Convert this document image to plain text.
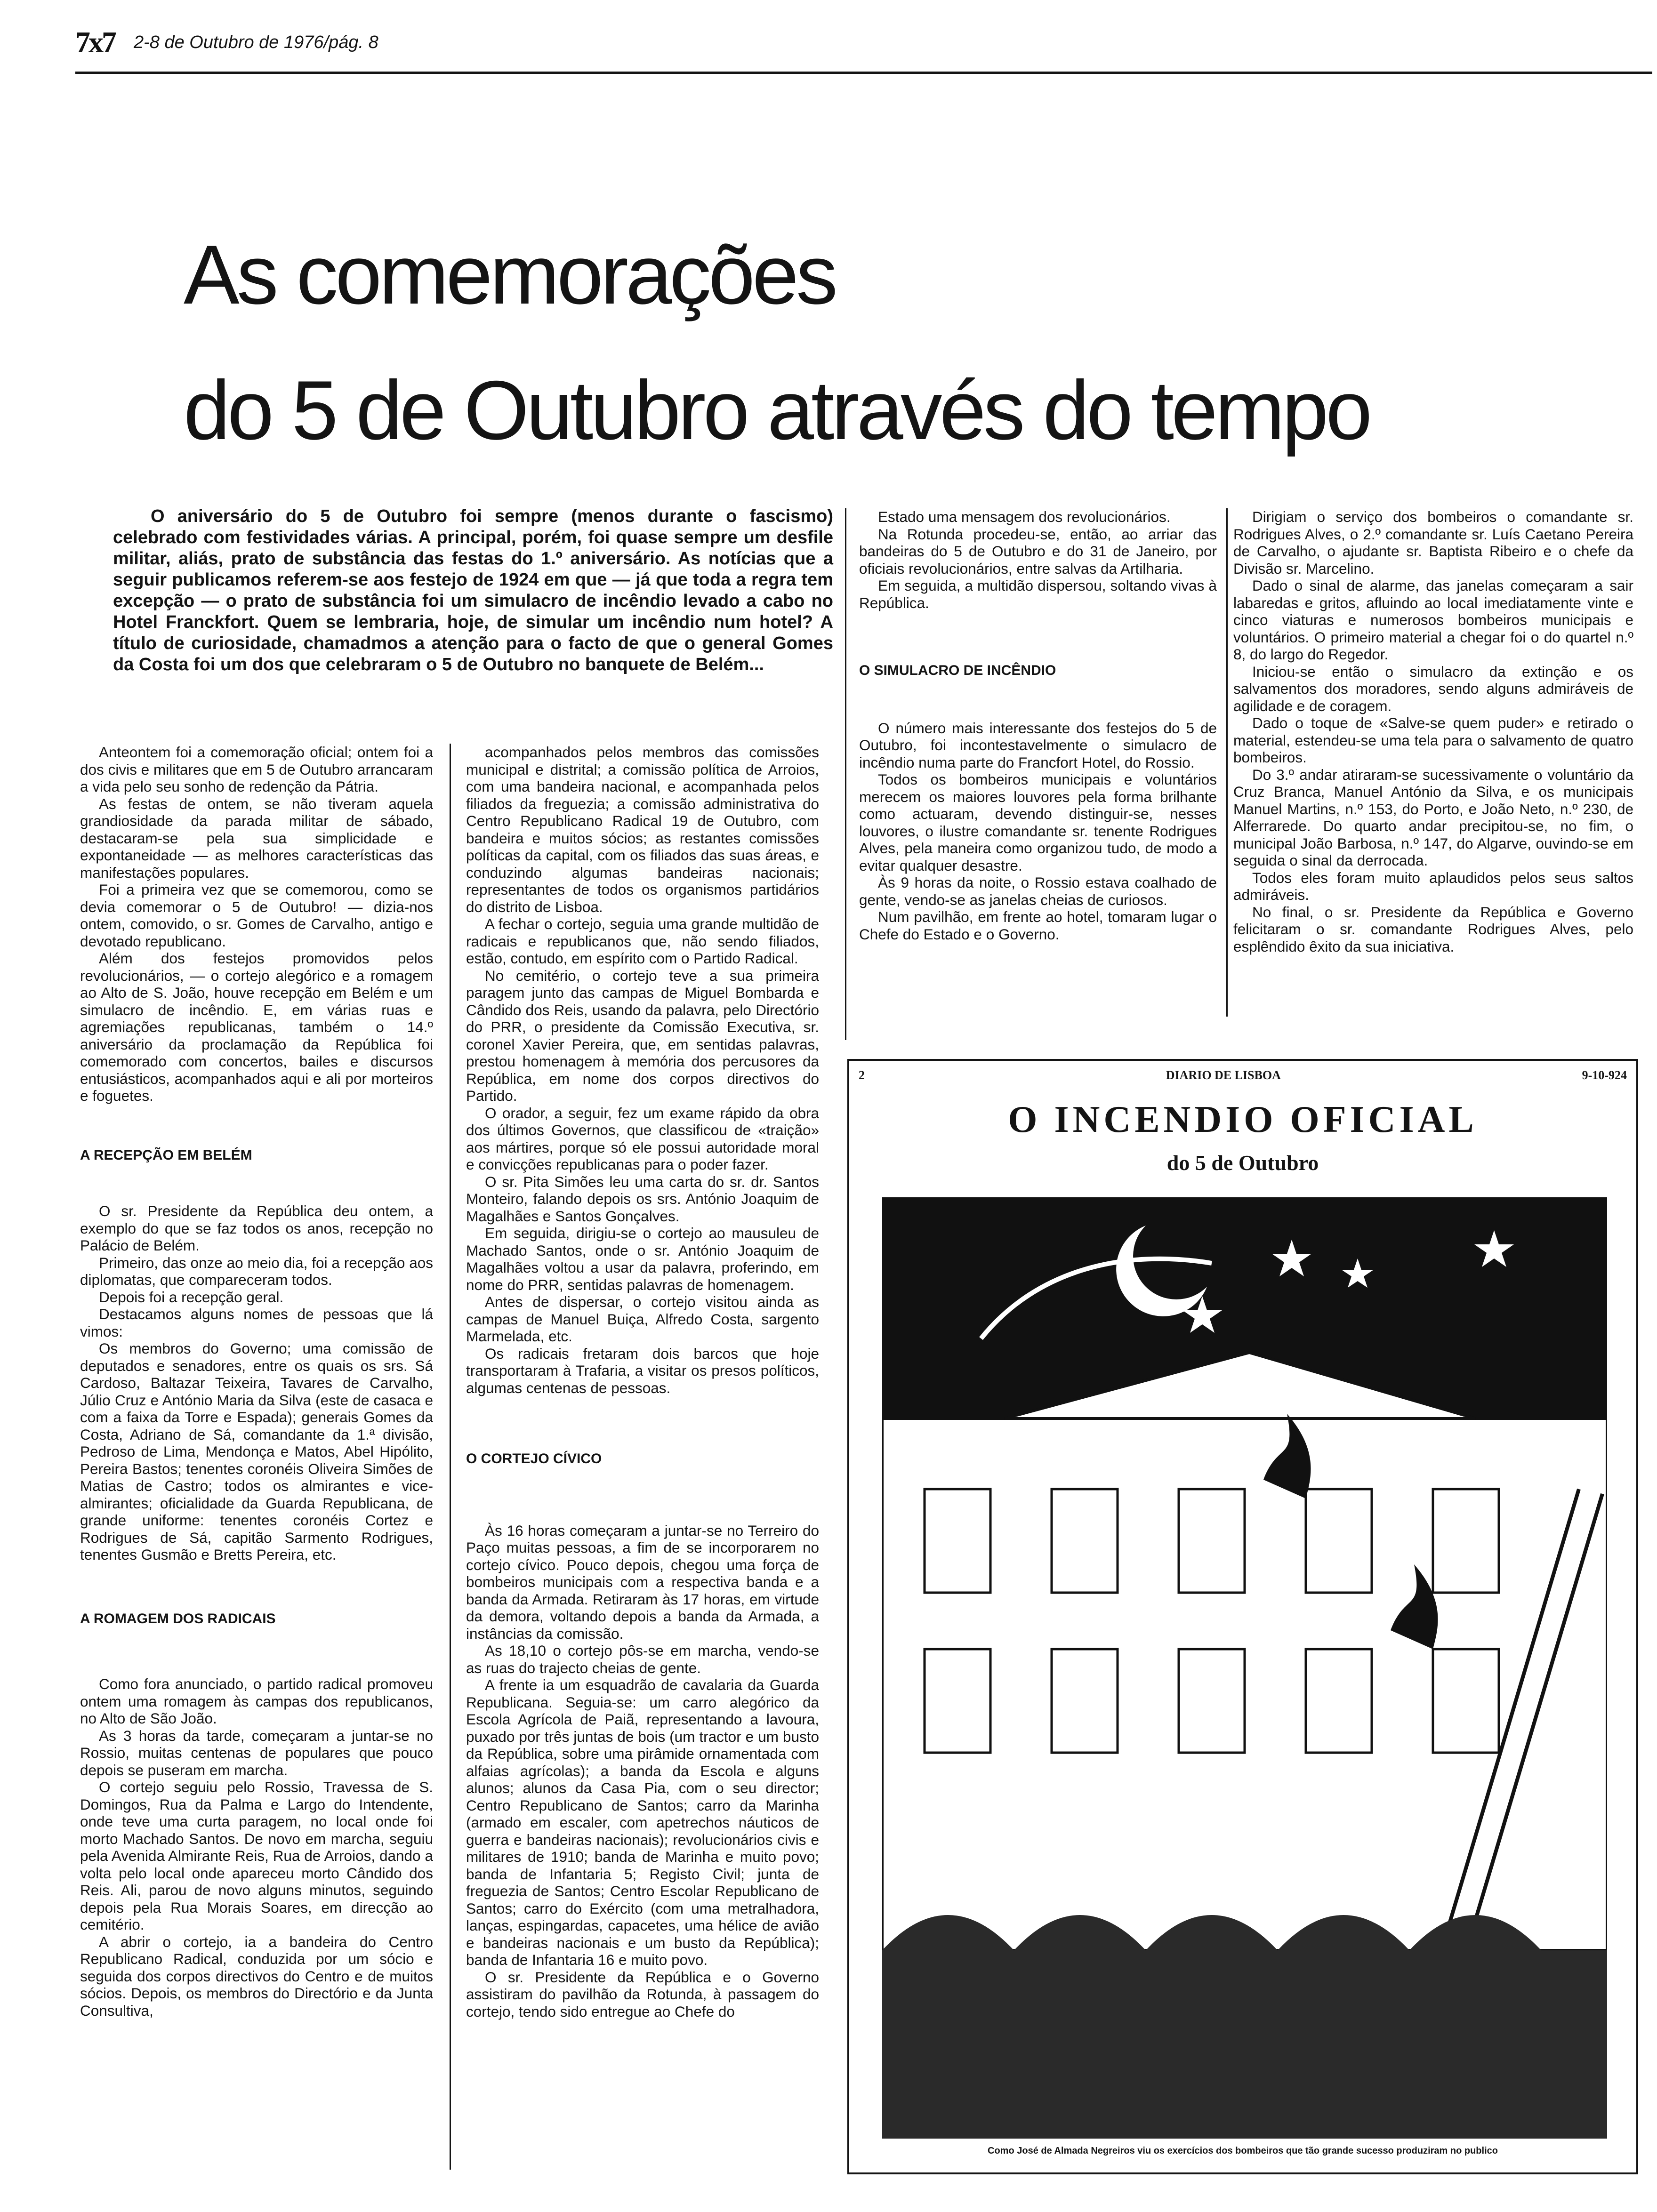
7x7 2-8 de Outubro de 1976/pág. 8
As comemorações
do 5 de Outubro através do tempo

O aniversário do 5 de Outubro foi sempre (menos durante o fascismo) celebrado com festividades várias. A principal, porém, foi quase sempre um desfile militar, aliás, prato de substância das festas do 1.º aniversário. As notícias que a seguir publicamos referem-se aos festejo de 1924 em que — já que toda a regra tem excepção — o prato de substância foi um simulacro de incêndio levado a cabo no Hotel Franckfort. Quem se lembraria, hoje, de simular um incêndio num hotel? A título de curiosidade, chamadmos a atenção para o facto de que o general Gomes da Costa foi um dos que celebraram o 5 de Outubro no banquete de Belém...

Anteontem foi a comemoração oficial; ontem foi a dos civis e militares que em 5 de Outubro arrancaram a vida pelo seu sonho de redenção da Pátria.

As festas de ontem, se não tiveram aquela grandiosidade da parada militar de sábado, destacaram-se pela sua simplicidade e expontaneidade — as melhores características das manifestações populares.

Foi a primeira vez que se comemorou, como se devia comemorar o 5 de Outubro! — dizia-nos ontem, comovido, o sr. Gomes de Carvalho, antigo e devotado republicano.

Além dos festejos promovidos pelos revolucionários, — o cortejo alegórico e a romagem ao Alto de S. João, houve recepção em Belém e um simulacro de incêndio. E, em várias ruas e agremiações republicanas, também o 14.º aniversário da proclamação da República foi comemorado com concertos, bailes e discursos entusiásticos, acompanhados aqui e ali por morteiros e foguetes.

A RECEPÇÃO EM BELÉM

O sr. Presidente da República deu ontem, a exemplo do que se faz todos os anos, recepção no Palácio de Belém.

Primeiro, das onze ao meio dia, foi a recepção aos diplomatas, que compareceram todos.

Depois foi a recepção geral.

Destacamos alguns nomes de pessoas que lá vimos:

Os membros do Governo; uma comissão de deputados e senadores, entre os quais os srs. Sá Cardoso, Baltazar Teixeira, Tavares de Carvalho, Júlio Cruz e António Maria da Silva (este de casaca e com a faixa da Torre e Espada); generais Gomes da Costa, Adriano de Sá, comandante da 1.ª divisão, Pedroso de Lima, Mendonça e Matos, Abel Hipólito, Pereira Bastos; tenentes coronéis Oliveira Simões de Matias de Castro; todos os almirantes e vice-almirantes; oficialidade da Guarda Republicana, de grande uniforme: tenentes coronéis Cortez e Rodrigues de Sá, capitão Sarmento Rodrigues, tenentes Gusmão e Bretts Pereira, etc.

A ROMAGEM DOS RADICAIS

Como fora anunciado, o partido radical promoveu ontem uma romagem às campas dos republicanos, no Alto de São João.

As 3 horas da tarde, começaram a juntar-se no Rossio, muitas centenas de populares que pouco depois se puseram em marcha.

O cortejo seguiu pelo Rossio, Travessa de S. Domingos, Rua da Palma e Largo do Intendente, onde teve uma curta paragem, no local onde foi morto Machado Santos. De novo em marcha, seguiu pela Avenida Almirante Reis, Rua de Arroios, dando a volta pelo local onde apareceu morto Cândido dos Reis. Ali, parou de novo alguns minutos, seguindo depois pela Rua Morais Soares, em direcção ao cemitério.

A abrir o cortejo, ia a bandeira do Centro Republicano Radical, conduzida por um sócio e seguida dos corpos directivos do Centro e de muitos sócios. Depois, os membros do Directório e da Junta Consultiva,

acompanhados pelos membros das comissões municipal e distrital; a comissão política de Arroios, com uma bandeira nacional, e acompanhada pelos filiados da freguezia; a comissão administrativa do Centro Republicano Radical 19 de Outubro, com bandeira e muitos sócios; as restantes comissões políticas da capital, com os filiados das suas áreas, e conduzindo algumas bandeiras nacionais; representantes de todos os organismos partidários do distrito de Lisboa.

A fechar o cortejo, seguia uma grande multidão de radicais e republicanos que, não sendo filiados, estão, contudo, em espírito com o Partido Radical.

No cemitério, o cortejo teve a sua primeira paragem junto das campas de Miguel Bombarda e Cândido dos Reis, usando da palavra, pelo Directório do PRR, o presidente da Comissão Executiva, sr. coronel Xavier Pereira, que, em sentidas palavras, prestou homenagem à memória dos percusores da República, em nome dos corpos directivos do Partido.

O orador, a seguir, fez um exame rápido da obra dos últimos Governos, que classificou de «traição» aos mártires, porque só ele possui autoridade moral e convicções republicanas para o poder fazer.

O sr. Pita Simões leu uma carta do sr. dr. Santos Monteiro, falando depois os srs. António Joaquim de Magalhães e Santos Gonçalves.

Em seguida, dirigiu-se o cortejo ao mausuleu de Machado Santos, onde o sr. António Joaquim de Magalhães voltou a usar da palavra, proferindo, em nome do PRR, sentidas palavras de homenagem.

Antes de dispersar, o cortejo visitou ainda as campas de Manuel Buiça, Alfredo Costa, sargento Marmelada, etc.

Os radicais fretaram dois barcos que hoje transportaram à Trafaria, a visitar os presos políticos, algumas centenas de pessoas.

O CORTEJO CÍVICO

Às 16 horas começaram a juntar-se no Terreiro do Paço muitas pessoas, a fim de se incorporarem no cortejo cívico. Pouco depois, chegou uma força de bombeiros municipais com a respectiva banda e a banda da Armada. Retiraram às 17 horas, em virtude da demora, voltando depois a banda da Armada, a instâncias da comissão.

As 18,10 o cortejo pôs-se em marcha, vendo-se as ruas do trajecto cheias de gente.

A frente ia um esquadrão de cavalaria da Guarda Republicana. Seguia-se: um carro alegórico da Escola Agrícola de Paiã, representando a lavoura, puxado por três juntas de bois (um tractor e um busto da República, sobre uma pirâmide ornamentada com alfaias agrícolas); a banda da Escola e alguns alunos; alunos da Casa Pia, com o seu director; Centro Republicano de Santos; carro da Marinha (armado em escaler, com apetrechos náuticos de guerra e bandeiras nacionais); revolucionários civis e militares de 1910; banda de Marinha e muito povo; banda de Infantaria 5; Registo Civil; junta de freguezia de Santos; Centro Escolar Republicano de Santos; carro do Exército (com uma metralhadora, lanças, espingardas, capacetes, uma hélice de avião e bandeiras nacionais e um busto da República); banda de Infantaria 16 e muito povo.

O sr. Presidente da República e o Governo assistiram do pavilhão da Rotunda, à passagem do cortejo, tendo sido entregue ao Chefe do

Estado uma mensagem dos revolucionários.

Na Rotunda procedeu-se, então, ao arriar das bandeiras do 5 de Outubro e do 31 de Janeiro, por oficiais revolucionários, entre salvas da Artilharia.

Em seguida, a multidão dispersou, soltando vivas à República.

O SIMULACRO DE INCÊNDIO

O número mais interessante dos festejos do 5 de Outubro, foi incontestavelmente o simulacro de incêndio numa parte do Francfort Hotel, do Rossio.

Todos os bombeiros municipais e voluntários merecem os maiores louvores pela forma brilhante como actuaram, devendo distinguir-se, nesses louvores, o ilustre comandante sr. tenente Rodrigues Alves, pela maneira como organizou tudo, de modo a evitar qualquer desastre.

Às 9 horas da noite, o Rossio estava coalhado de gente, vendo-se as janelas cheias de curiosos.

Num pavilhão, em frente ao hotel, tomaram lugar o Chefe do Estado e o Governo.

Dirigiam o serviço dos bombeiros o comandante sr. Rodrigues Alves, o 2.º comandante sr. Luís Caetano Pereira de Carvalho, o ajudante sr. Baptista Ribeiro e o chefe da Divisão sr. Marcelino.

Dado o sinal de alarme, das janelas começaram a sair labaredas e gritos, afluindo ao local imediatamente vinte e cinco viaturas e numerosos bombeiros municipais e voluntários. O primeiro material a chegar foi o do quartel n.º 8, do largo do Regedor.

Iniciou-se então o simulacro da extinção e os salvamentos dos moradores, sendo alguns admiráveis de agilidade e de coragem.

Dado o toque de «Salve-se quem puder» e retirado o material, estendeu-se uma tela para o salvamento de quatro bombeiros.

Do 3.º andar atiraram-se sucessivamente o voluntário da Cruz Branca, Manuel António da Silva, e os municipais Manuel Martins, n.º 153, do Porto, e João Neto, n.º 230, de Alferrarede. Do quarto andar precipitou-se, no fim, o municipal João Barbosa, n.º 147, do Algarve, ouvindo-se em seguida o sinal da derrocada.

Todos eles foram muito aplaudidos pelos seus saltos admiráveis.

No final, o sr. Presidente da República e Governo felicitaram o sr. comandante Rodrigues Alves, pelo esplêndido êxito da sua iniciativa.

2	DIARIO DE LISBOA	9-10-924
O INCENDIO OFICIAL
do 5 de Outubro
Como José de Almada Negreiros viu os exercícios dos bombeiros que tão grande sucesso produziram no publico
